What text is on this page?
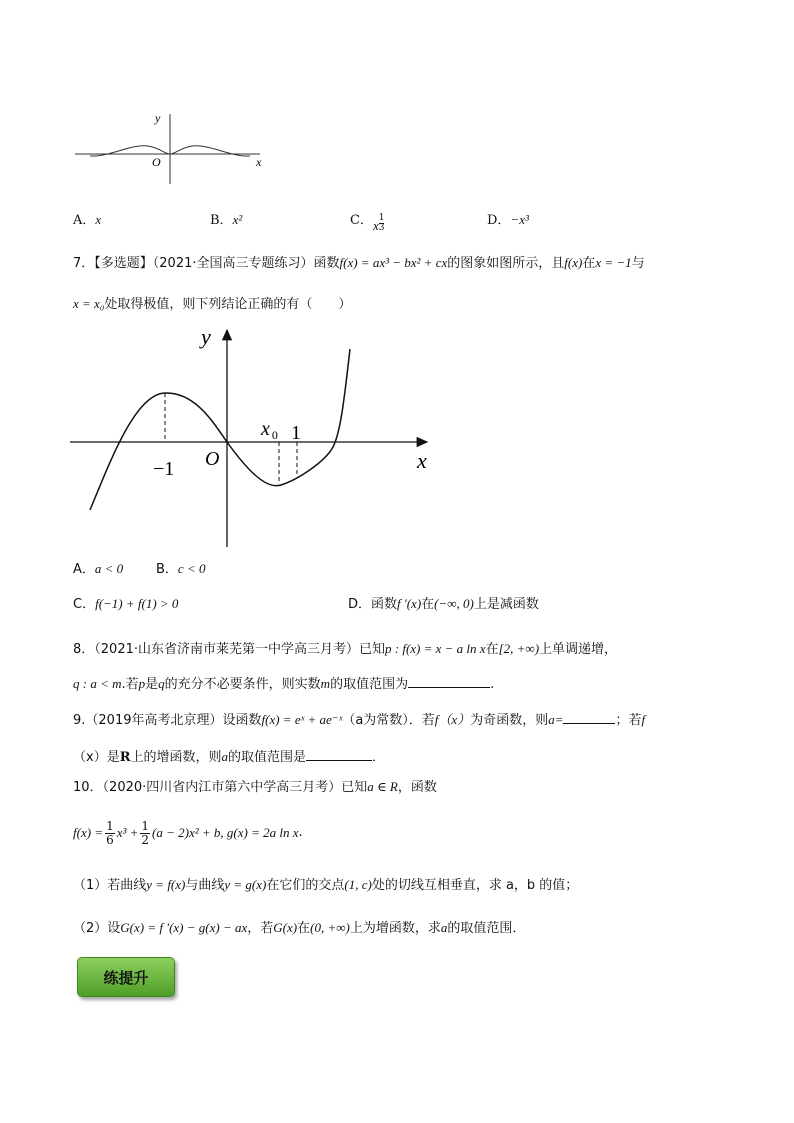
y
O	x
A．x	B．x²	C．x $\frac{1}{3}$	D．−x³
7．【多选题】（2021·全国高三专题练习）函数f(x) = ax³ − bx² + cx的图象如图所示，且f(x)在x = −1与
x = x₀处取得极值，则下列结论正确的有（　　）
y
x
O
−1
x $_0$ 1
A．a < 0	B．c < 0
C．f(−1) + f(1) > 0	D．函数f ′(x)在(−∞, 0)上是减函数
8．（2021·山东省济南市莱芜第一中学高三月考）已知p : f(x) = x − a ln x在[2, +∞)上单调递增，
q : a < m.若p是q的充分不必要条件，则实数m的取值范围为	.
9.（2019年高考北京理）设函数f(x) = eˣ + ae⁻ˣ（a为常数）．若f（x）为奇函数，则a=	；若f
（x）是R上的增函数，则a的取值范围是	．
10．（2020·四川省内江市第六中学高三月考）已知a ∈ R，函数
$f(x) = \frac{1}{6} x^3 + \frac{1}{2} (a - 2)x^2 + b$, g(x) = 2a ln x .
（1）若曲线y = f(x)与曲线y = g(x)在它们的交点(1, c)处的切线互相垂直，求 a，b 的值；
（2）设G(x) = f ′(x) − g(x) − ax，若G(x)在(0, +∞)上为增函数，求a的取值范围．
练提升
